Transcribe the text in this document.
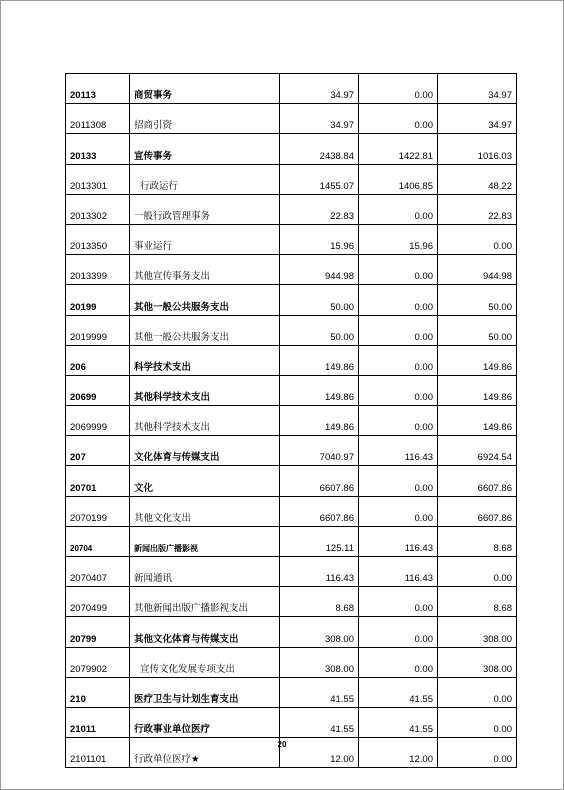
20113	商贸事务	34.97	0.00	34.97
2011308	招商引资	34.97	0.00	34.97
20133	宣传事务	2438.84	1422.81	1016.03
2013301	行政运行	1455.07	1406.85	48.22
2013302	一般行政管理事务	22.83	0.00	22.83
2013350	事业运行	15.96	15.96	0.00
2013399	其他宣传事务支出	944.98	0.00	944.98
20199	其他一般公共服务支出	50.00	0.00	50.00
2019999	其他一般公共服务支出	50.00	0.00	50.00
206	科学技术支出	149.86	0.00	149.86
20699	其他科学技术支出	149.86	0.00	149.86
2069999	其他科学技术支出	149.86	0.00	149.86
207	文化体育与传媒支出	7040.97	116.43	6924.54
20701	文化	6607.86	0.00	6607.86
2070199	其他文化支出	6607.86	0.00	6607.86
20704	新闻出版广播影视	125.11	116.43	8.68
2070407	新闻通讯	116.43	116.43	0.00
2070499	其他新闻出版广播影视支出	8.68	0.00	8.68
20799	其他文化体育与传媒支出	308.00	0.00	308.00
2079902	宣传文化发展专项支出	308.00	0.00	308.00
210	医疗卫生与计划生育支出	41.55	41.55	0.00
21011	行政事业单位医疗	41.55	41.55	0.00
2101101	行政单位医疗★	12.00	12.00	0.00
20
